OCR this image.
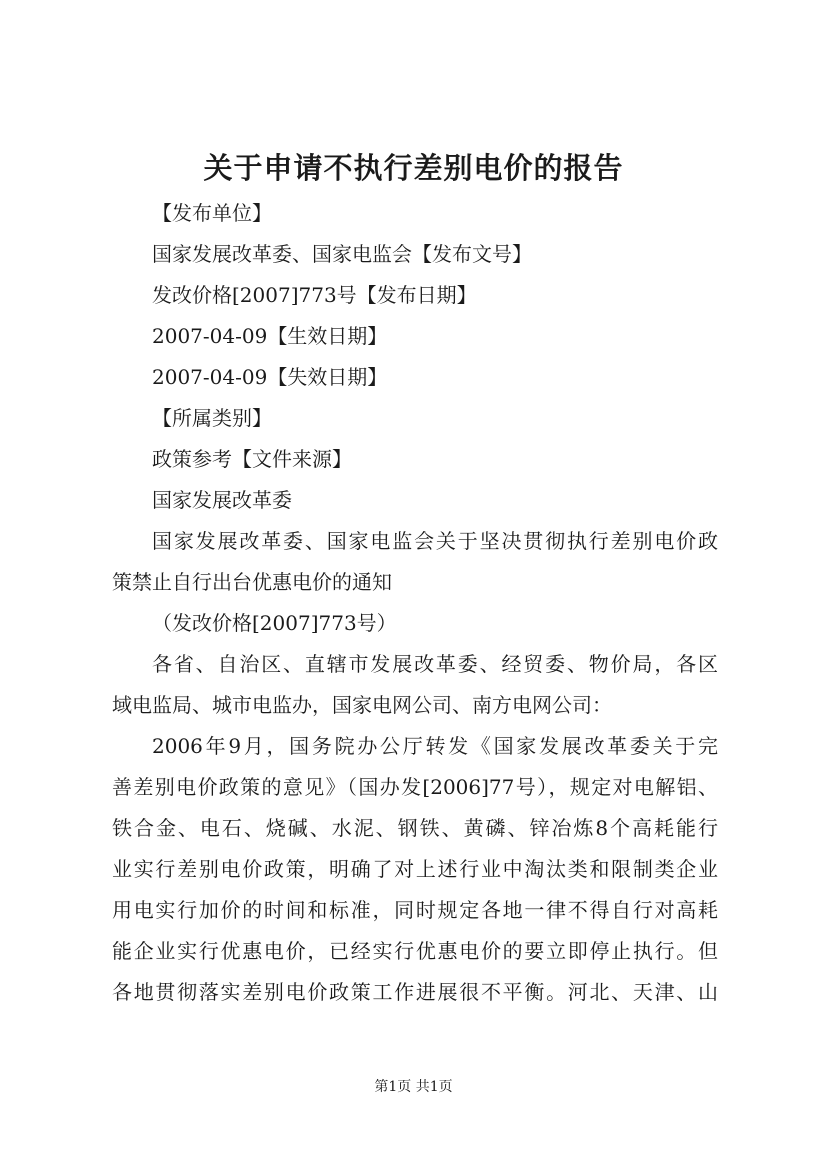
关于申请不执行差别电价的报告

【发布单位】

国家发展改革委、国家电监会【发布文号】

发改价格[2007]773号【发布日期】

2007-04-09【生效日期】

2007-04-09【失效日期】

【所属类别】

政策参考【文件来源】

国家发展改革委

国家发展改革委、国家电监会关于坚决贯彻执行差别电价政

策禁止自行出台优惠电价的通知

（发改价格[2007]773号）

各省、自治区、直辖市发展改革委、经贸委、物价局，各区

域电监局、城市电监办，国家电网公司、南方电网公司：

2006年9月，国务院办公厅转发《国家发展改革委关于完

善差别电价政策的意见》（国办发[2006]77号），规定对电解铝、

铁合金、电石、烧碱、水泥、钢铁、黄磷、锌冶炼8个高耗能行

业实行差别电价政策，明确了对上述行业中淘汰类和限制类企业

用电实行加价的时间和标准，同时规定各地一律不得自行对高耗

能企业实行优惠电价，已经实行优惠电价的要立即停止执行。但

各地贯彻落实差别电价政策工作进展很不平衡。河北、天津、山

第1页 共1页
